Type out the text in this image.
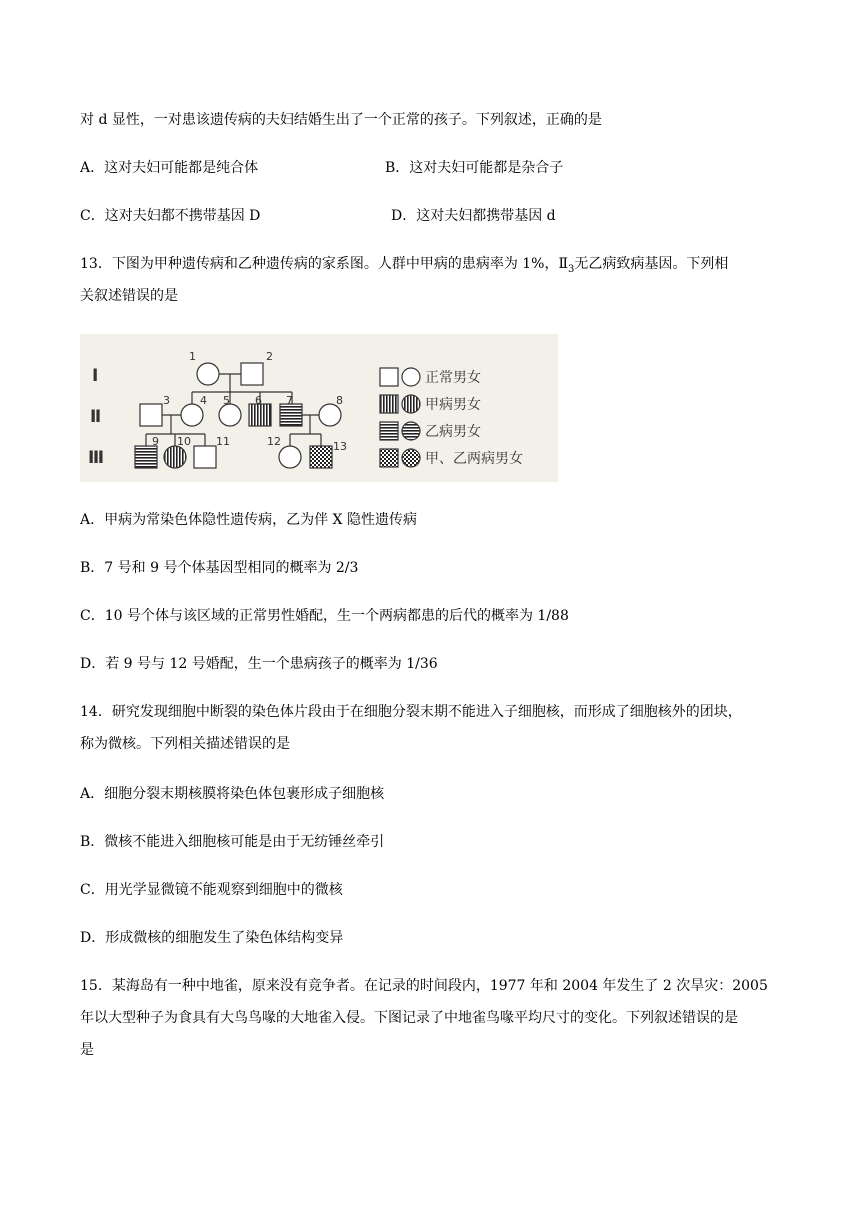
对 d 显性，一对患该遗传病的夫妇结婚生出了一个正常的孩子。下列叙述，正确的是
A．这对夫妇可能都是纯合体	B．这对夫妇可能都是杂合子
C．这对夫妇都不携带基因 D	D．这对夫妇都携带基因 d
13．下图为甲种遗传病和乙种遗传病的家系图。人群中甲病的患病率为 1%，$Ⅱ_3$无乙病致病基因。下列相
关叙述错误的是
Ⅰ
Ⅱ
Ⅲ
1	2
3	4 5 6 7	8
9 10 11	12	13
正常男女
甲病男女
乙病男女
甲、乙两病男女
A．甲病为常染色体隐性遗传病，乙为伴 X 隐性遗传病
B．7 号和 9 号个体基因型相同的概率为 2/3
C．10 号个体与该区域的正常男性婚配，生一个两病都患的后代的概率为 1/88
D．若 9 号与 12 号婚配，生一个患病孩子的概率为 1/36
14．研究发现细胞中断裂的染色体片段由于在细胞分裂末期不能进入子细胞核，而形成了细胞核外的团块，
称为微核。下列相关描述错误的是
A．细胞分裂末期核膜将染色体包裹形成子细胞核
B．微核不能进入细胞核可能是由于无纺锤丝牵引
C．用光学显微镜不能观察到细胞中的微核
D．形成微核的细胞发生了染色体结构变异
15．某海岛有一种中地雀，原来没有竞争者。在记录的时间段内，1977 年和 2004 年发生了 2 次旱灾：2005
年以大型种子为食具有大鸟鸟喙的大地雀入侵。下图记录了中地雀鸟喙平均尺寸的变化。下列叙述错误的是
是
